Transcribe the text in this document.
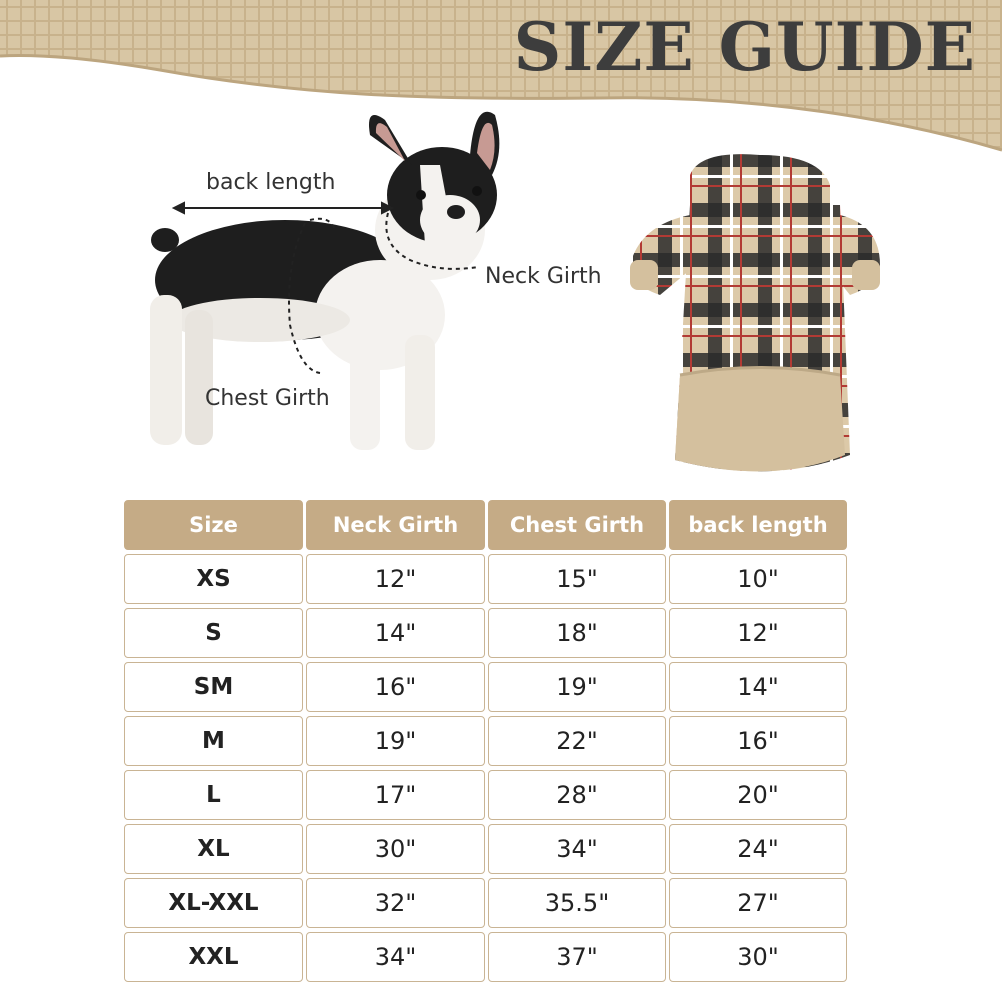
SIZE GUIDE
back length
Neck Girth
Chest Girth
Size	Neck Girth	Chest Girth	back length
XS	12"	15"	10"
S	14"	18"	12"
SM	16"	19"	14"
M	19"	22"	16"
L	17"	28"	20"
XL	30"	34"	24"
XL-XXL	32"	35.5"	27"
XXL	34"	37"	30"
